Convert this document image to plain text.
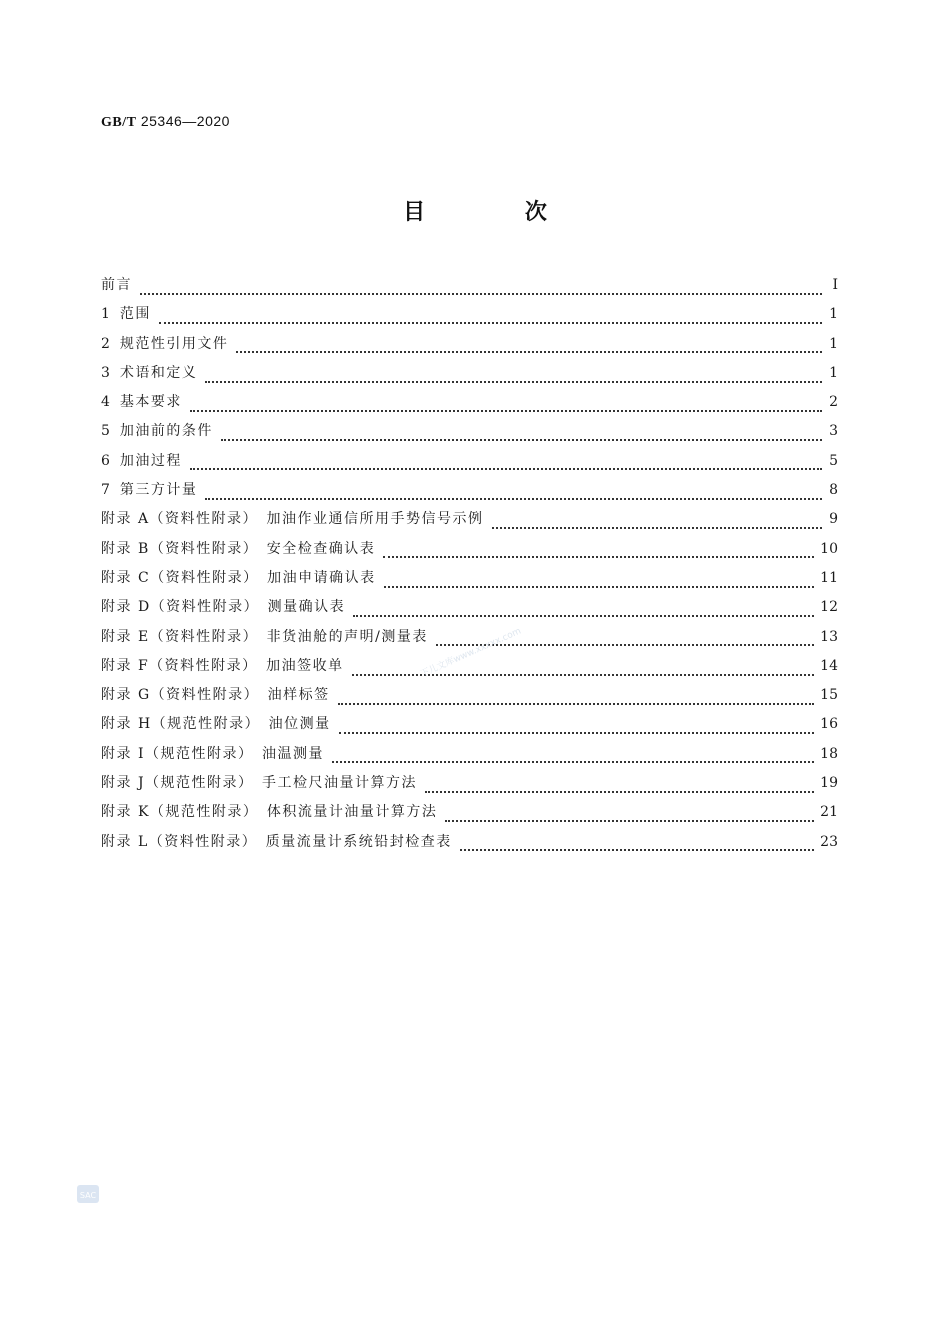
GB/T 25346—2020
目 次
前言	Ⅰ
1 范围	1
2 规范性引用文件	1
3 术语和定义	1
4 基本要求	2
5 加油前的条件	3
6 加油过程	5
7 第三方计量	8
附录 A（资料性附录）　加油作业通信所用手势信号示例	9
附录 B（资料性附录）　安全检查确认表	10
附录 C（资料性附录）　加油申请确认表	11
附录 D（资料性附录）　测量确认表	12
附录 E（资料性附录）　非货油舱的声明/测量表	13
附录 F（资料性附录）　加油签收单	14
附录 G（资料性附录）　油样标签	15
附录 H（规范性附录）　油位测量	16
附录 I（规范性附录）　油温测量	18
附录 J（规范性附录）　手工检尺油量计算方法	19
附录 K（规范性附录）　体积流量计油量计算方法	21
附录 L（资料性附录）　质量流量计系统铅封检查表	23
下儿文库www.xxxxx.com
SAC
